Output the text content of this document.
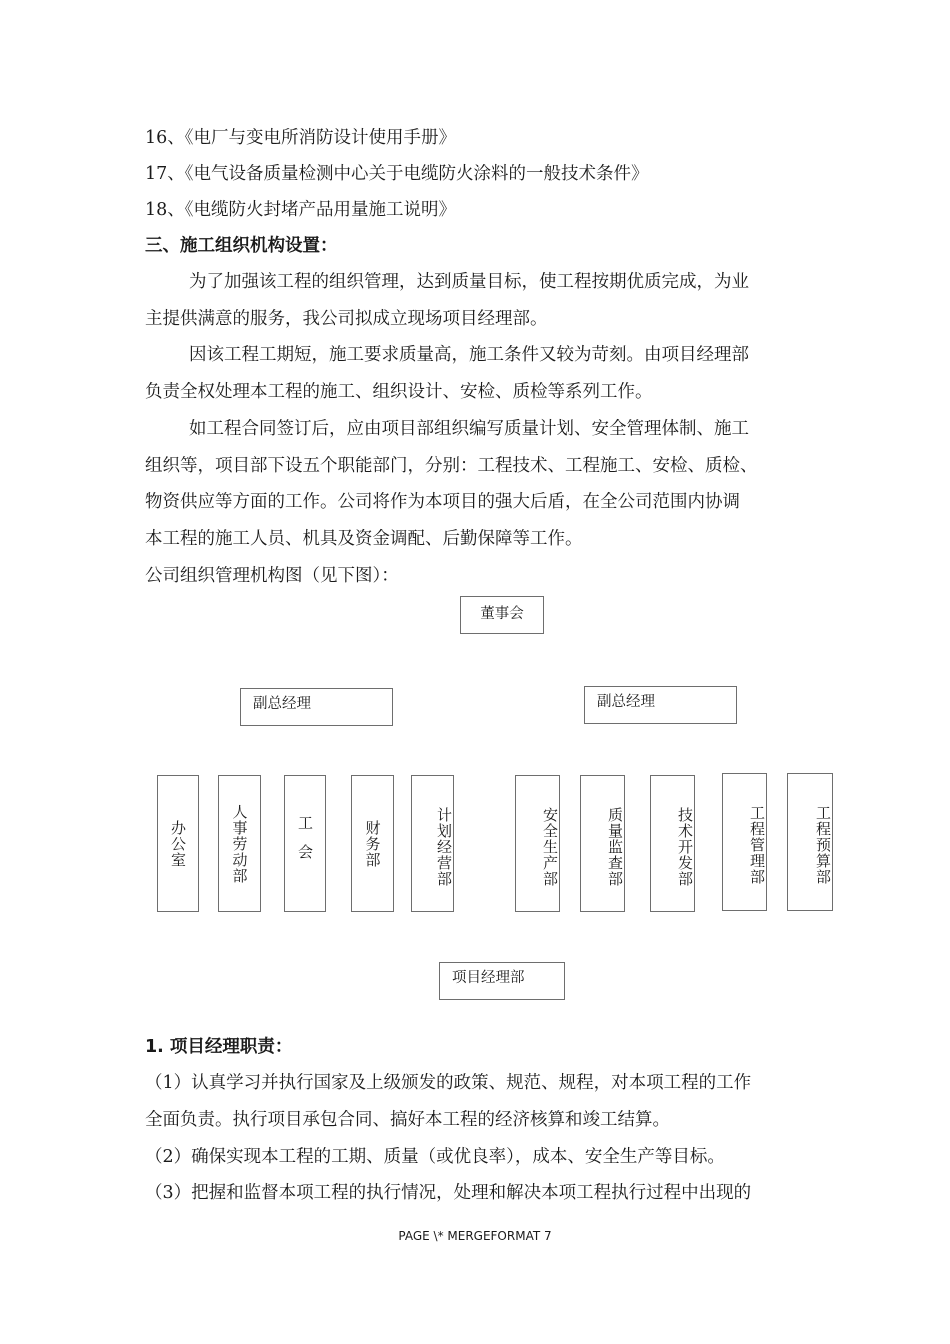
16、《电厂与变电所消防设计使用手册》
17、《电气设备质量检测中心关于电缆防火涂料的一般技术条件》
18、《电缆防火封堵产品用量施工说明》
三、施工组织机构设置：
为了加强该工程的组织管理，达到质量目标，使工程按期优质完成，为业
主提供满意的服务，我公司拟成立现场项目经理部。
因该工程工期短，施工要求质量高，施工条件又较为苛刻。由项目经理部
负责全权处理本工程的施工、组织设计、安检、质检等系列工作。
如工程合同签订后，应由项目部组织编写质量计划、安全管理体制、施工
组织等，项目部下设五个职能部门，分别：工程技术、工程施工、安检、质检、
物资供应等方面的工作。公司将作为本项目的强大后盾，在全公司范围内协调
本工程的施工人员、机具及资金调配、后勤保障等工作。
公司组织管理机构图（见下图）：
董事会
副总经理	副总经理
办公室	人事劳动部	工会	财务部	计划经营部	安全生产部	质量监查部	技术开发部	工程管理部	工程预算部
项目经理部
1. 项目经理职责：
（1）认真学习并执行国家及上级颁发的政策、规范、规程，对本项工程的工作
全面负责。执行项目承包合同、搞好本工程的经济核算和竣工结算。
（2）确保实现本工程的工期、质量（或优良率），成本、安全生产等目标。
（3）把握和监督本项工程的执行情况，处理和解决本项工程执行过程中出现的
PAGE \* MERGEFORMAT 7
